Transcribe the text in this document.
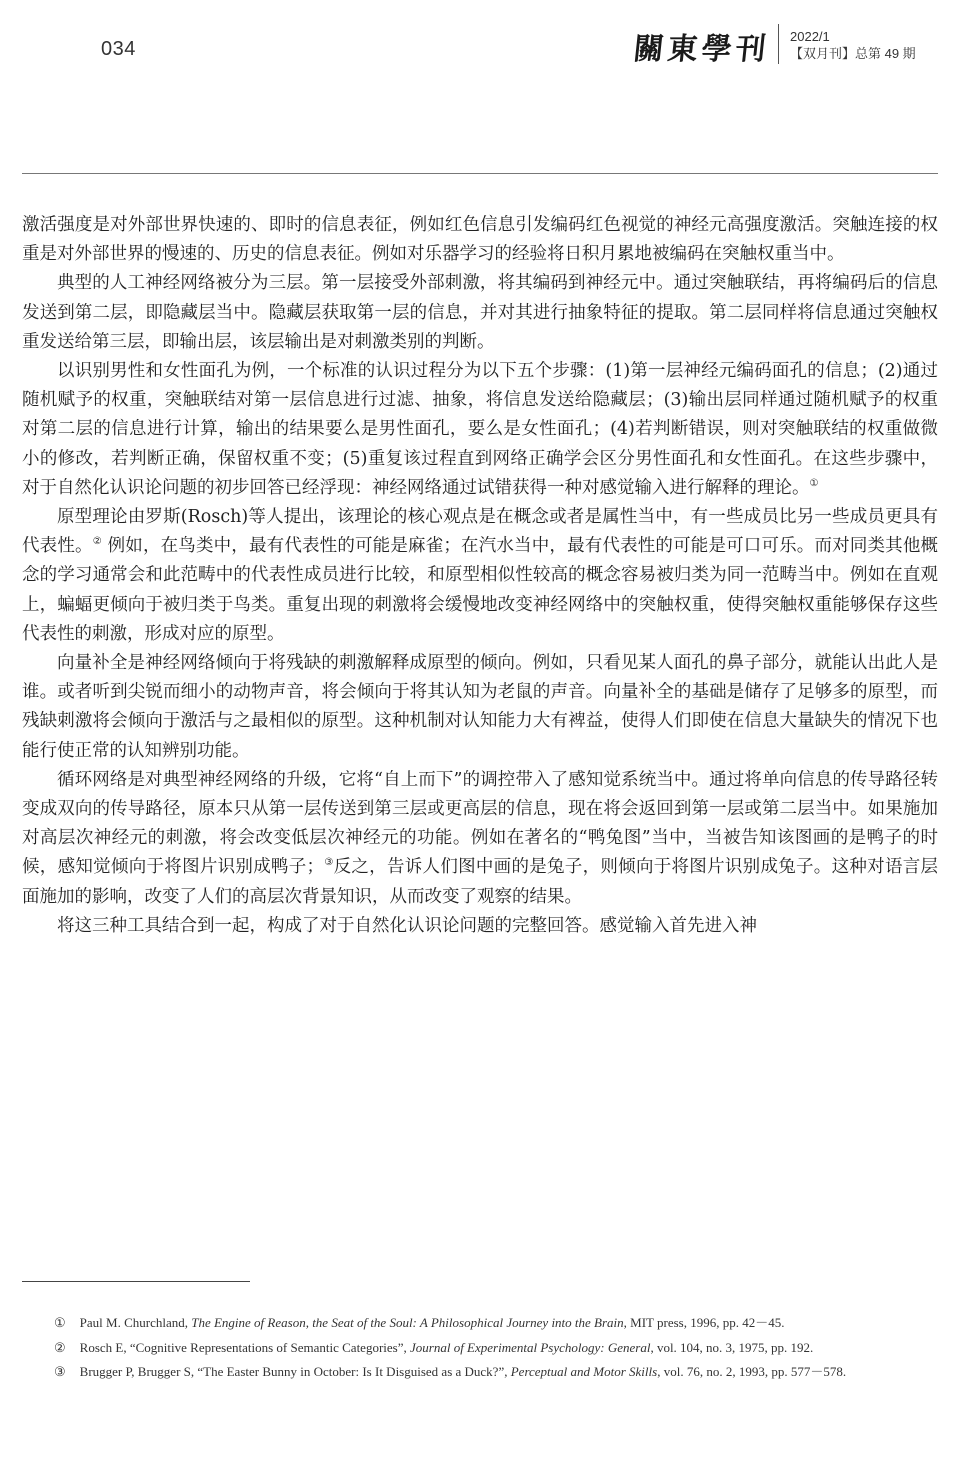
034	關東學刊 2022/1
【双月刊】总第 49 期

激活强度是对外部世界快速的、即时的信息表征，例如红色信息引发编码红色视觉的神经元高强度激活。突触连接的权重是对外部世界的慢速的、历史的信息表征。例如对乐器学习的经验将日积月累地被编码在突触权重当中。

典型的人工神经网络被分为三层。第一层接受外部刺激，将其编码到神经元中。通过突触联结，再将编码后的信息发送到第二层，即隐藏层当中。隐藏层获取第一层的信息，并对其进行抽象特征的提取。第二层同样将信息通过突触权重发送给第三层，即输出层，该层输出是对刺激类别的判断。

以识别男性和女性面孔为例，一个标准的认识过程分为以下五个步骤：(1)第一层神经元编码面孔的信息；(2)通过随机赋予的权重，突触联结对第一层信息进行过滤、抽象，将信息发送给隐藏层；(3)输出层同样通过随机赋予的权重对第二层的信息进行计算，输出的结果要么是男性面孔，要么是女性面孔；(4)若判断错误，则对突触联结的权重做微小的修改，若判断正确，保留权重不变；(5)重复该过程直到网络正确学会区分男性面孔和女性面孔。在这些步骤中，对于自然化认识论问题的初步回答已经浮现：神经网络通过试错获得一种对感觉输入进行解释的理论。①

原型理论由罗斯(Rosch)等人提出，该理论的核心观点是在概念或者是属性当中，有一些成员比另一些成员更具有代表性。② 例如，在鸟类中，最有代表性的可能是麻雀；在汽水当中，最有代表性的可能是可口可乐。而对同类其他概念的学习通常会和此范畴中的代表性成员进行比较，和原型相似性较高的概念容易被归类为同一范畴当中。例如在直观上，蝙蝠更倾向于被归类于鸟类。重复出现的刺激将会缓慢地改变神经网络中的突触权重，使得突触权重能够保存这些代表性的刺激，形成对应的原型。

向量补全是神经网络倾向于将残缺的刺激解释成原型的倾向。例如，只看见某人面孔的鼻子部分，就能认出此人是谁。或者听到尖锐而细小的动物声音，将会倾向于将其认知为老鼠的声音。向量补全的基础是储存了足够多的原型，而残缺刺激将会倾向于激活与之最相似的原型。这种机制对认知能力大有裨益，使得人们即使在信息大量缺失的情况下也能行使正常的认知辨别功能。

循环网络是对典型神经网络的升级，它将“自上而下”的调控带入了感知觉系统当中。通过将单向信息的传导路径转变成双向的传导路径，原本只从第一层传送到第三层或更高层的信息，现在将会返回到第一层或第二层当中。如果施加对高层次神经元的刺激，将会改变低层次神经元的功能。例如在著名的“鸭兔图”当中，当被告知该图画的是鸭子的时候，感知觉倾向于将图片识别成鸭子；③反之，告诉人们图中画的是兔子，则倾向于将图片识别成兔子。这种对语言层面施加的影响，改变了人们的高层次背景知识，从而改变了观察的结果。

将这三种工具结合到一起，构成了对于自然化认识论问题的完整回答。感觉输入首先进入神

① Paul M. Churchland, The Engine of Reason, the Seat of the Soul: A Philosophical Journey into the Brain, MIT press, 1996, pp. 42－45.

② Rosch E, “Cognitive Representations of Semantic Categories”, Journal of Experimental Psychology: General, vol. 104, no. 3, 1975, pp. 192.

③ Brugger P, Brugger S, “The Easter Bunny in October: Is It Disguised as a Duck?”, Perceptual and Motor Skills, vol. 76, no. 2, 1993, pp. 577－578.
